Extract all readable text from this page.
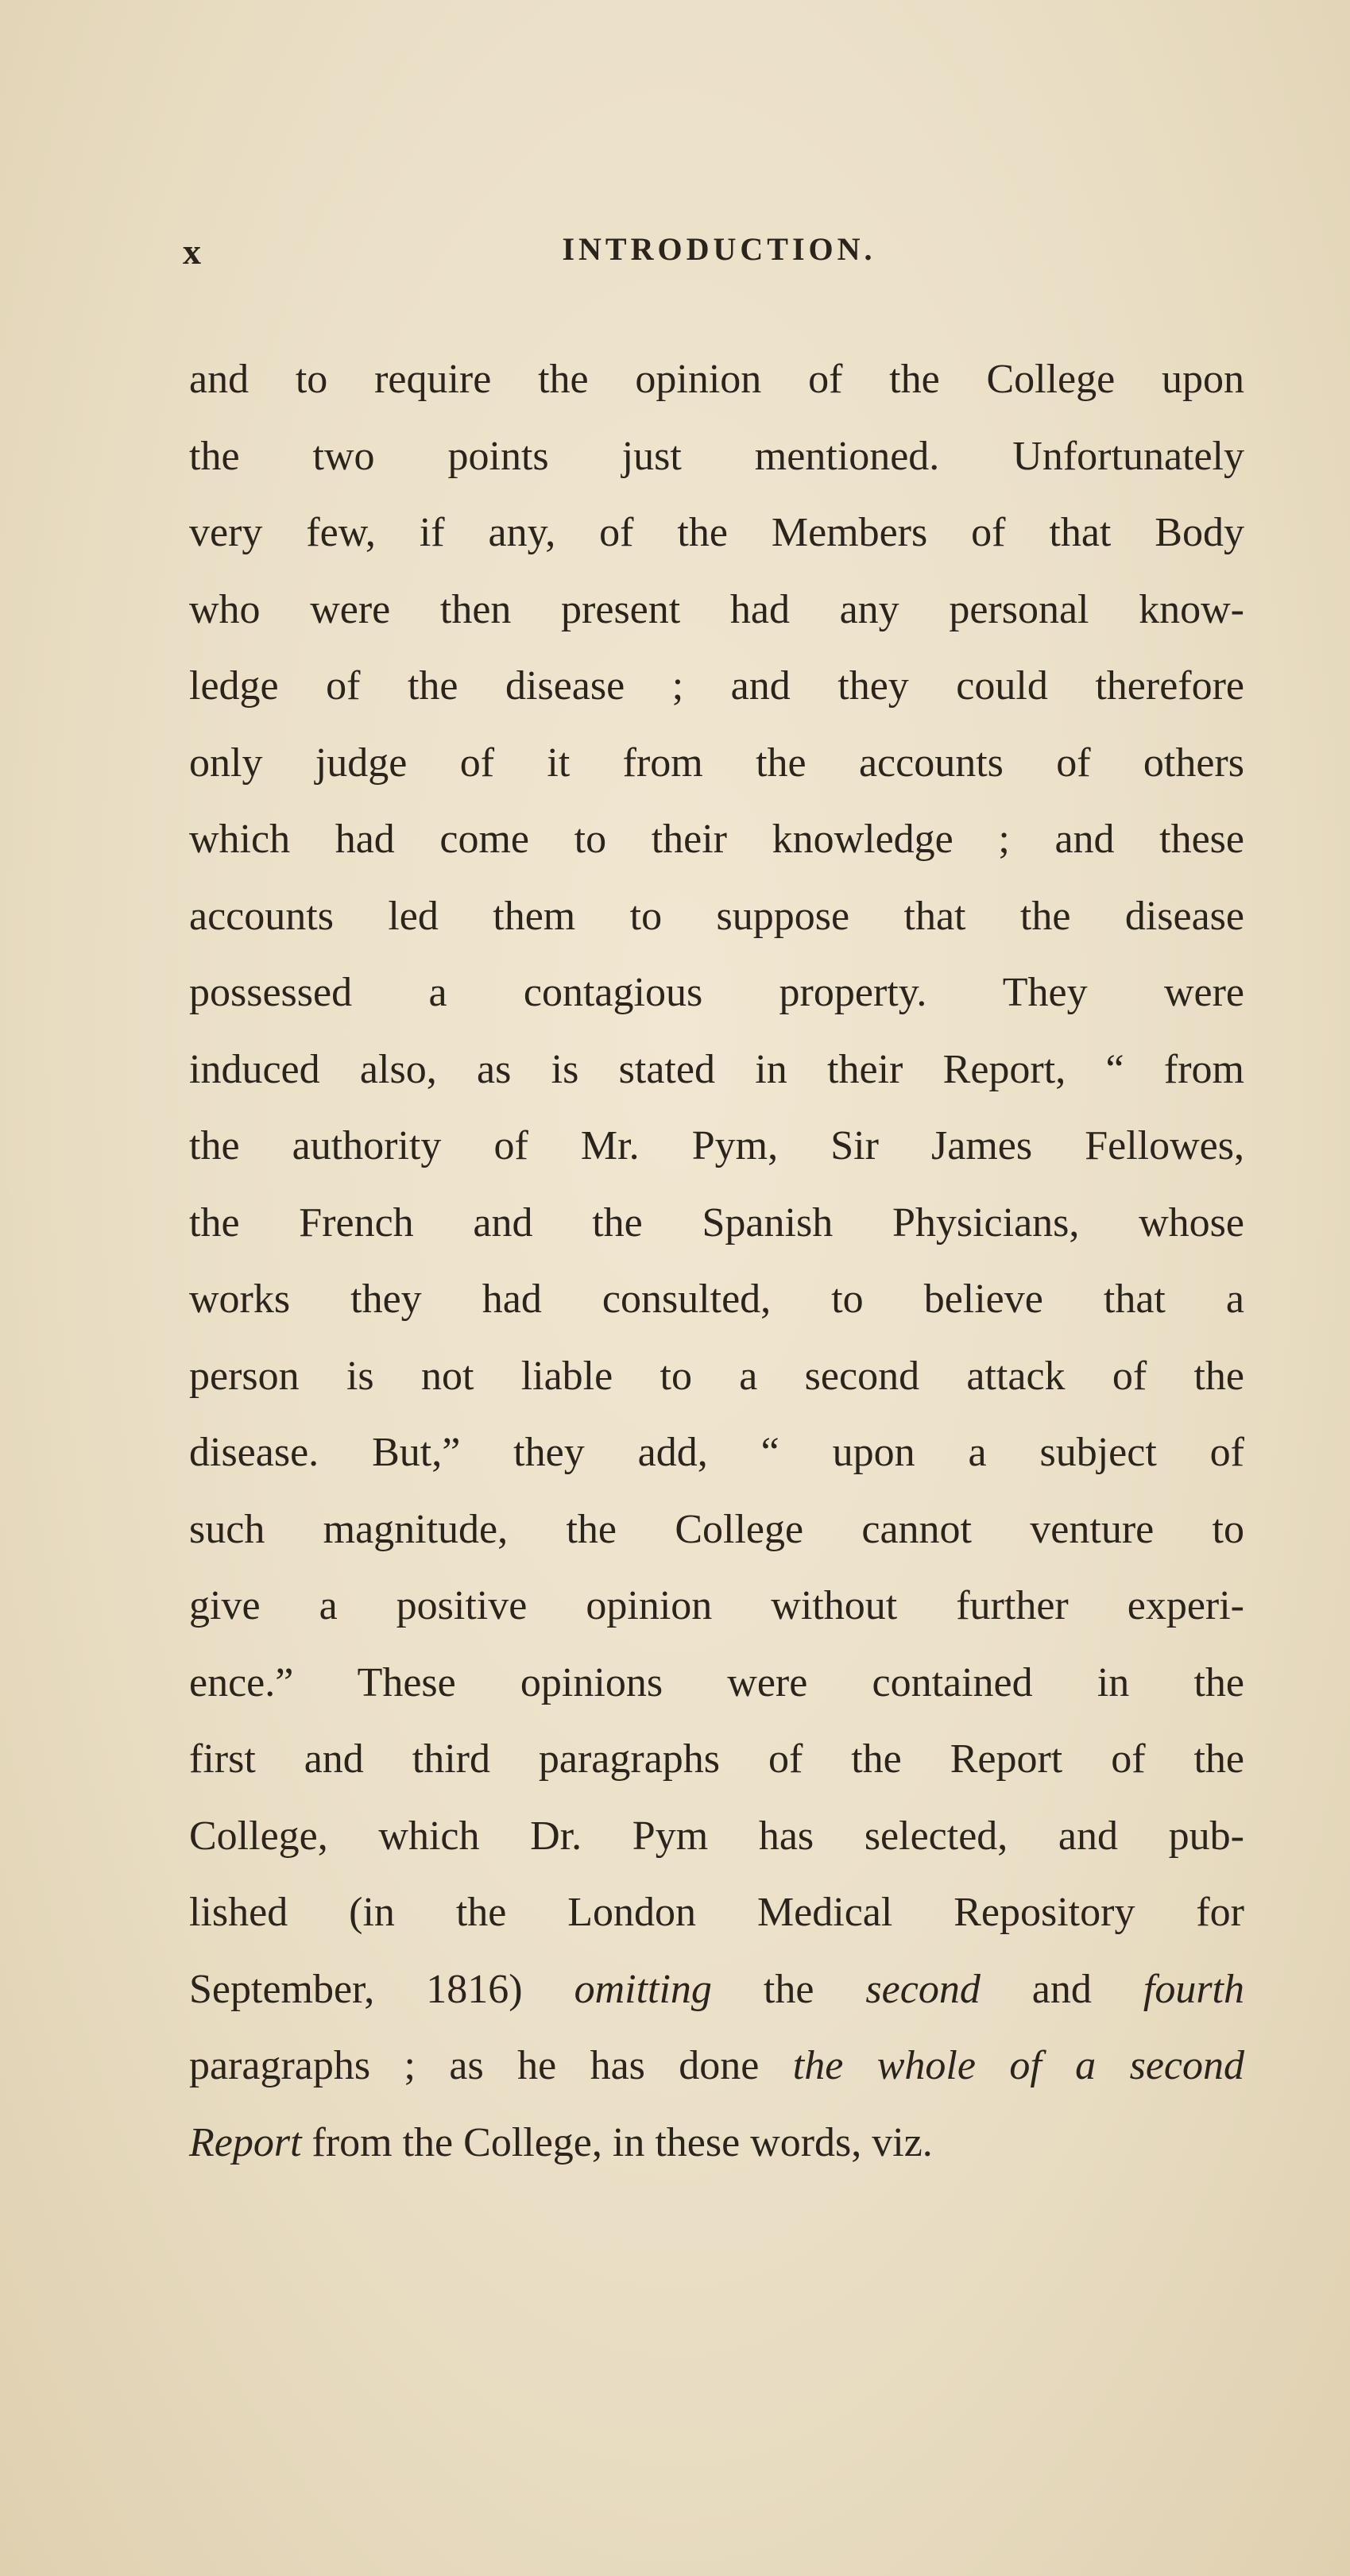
x	INTRODUCTION.
and to require the opinion of the College upon
the two points just mentioned. Unfortunately
very few, if any, of the Members of that Body
who were then present had any personal know-
ledge of the disease ; and they could therefore
only judge of it from the accounts of others
which had come to their knowledge ; and these
accounts led them to suppose that the disease
possessed a contagious property. They were
induced also, as is stated in their Report, “ from
the authority of Mr. Pym, Sir James Fellowes,
the French and the Spanish Physicians, whose
works they had consulted, to believe that a
person is not liable to a second attack of the
disease. But,” they add, “ upon a subject of
such magnitude, the College cannot venture to
give a positive opinion without further experi-
ence.” These opinions were contained in the
first and third paragraphs of the Report of the
College, which Dr. Pym has selected, and pub-
lished (in the London Medical Repository for
September, 1816) omitting the second and fourth
paragraphs ; as he has done the whole of a second
Report from the College, in these words, viz.
